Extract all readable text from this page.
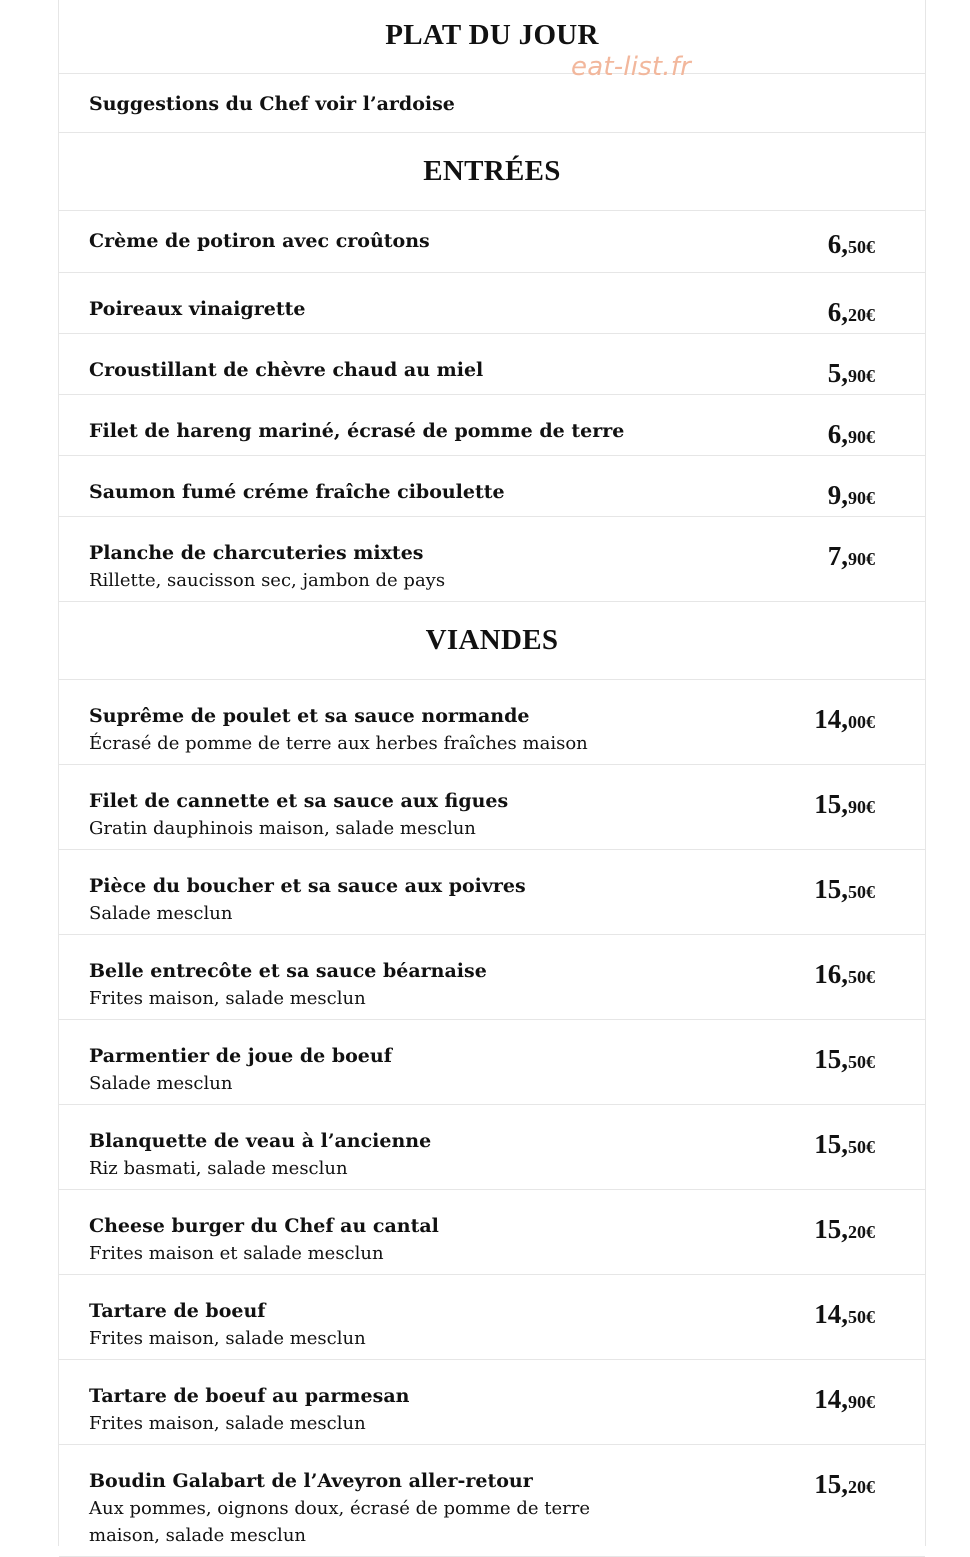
PLAT DU JOUR
eat-list.fr
Suggestions du Chef voir l’ardoise
ENTRÉES
Crème de potiron avec croûtons	6,50€
Poireaux vinaigrette	6,20€
Croustillant de chèvre chaud au miel	5,90€
Filet de hareng mariné, écrasé de pomme de terre	6,90€
Saumon fumé créme fraîche ciboulette	9,90€
Planche de charcuteries mixtes
Rillette, saucisson sec, jambon de pays
7,90€
VIANDES
Suprême de poulet et sa sauce normande
Écrasé de pomme de terre aux herbes fraîches maison
14,00€
Filet de cannette et sa sauce aux figues
Gratin dauphinois maison, salade mesclun
15,90€
Pièce du boucher et sa sauce aux poivres
Salade mesclun
15,50€
Belle entrecôte et sa sauce béarnaise
Frites maison, salade mesclun
16,50€
Parmentier de joue de boeuf
Salade mesclun
15,50€
Blanquette de veau à l’ancienne
Riz basmati, salade mesclun
15,50€
Cheese burger du Chef au cantal
Frites maison et salade mesclun
15,20€
Tartare de boeuf
Frites maison, salade mesclun
14,50€
Tartare de boeuf au parmesan
Frites maison, salade mesclun
14,90€
Boudin Galabart de l’Aveyron aller-retour
Aux pommes, oignons doux, écrasé de pomme de terre maison, salade mesclun
15,20€
